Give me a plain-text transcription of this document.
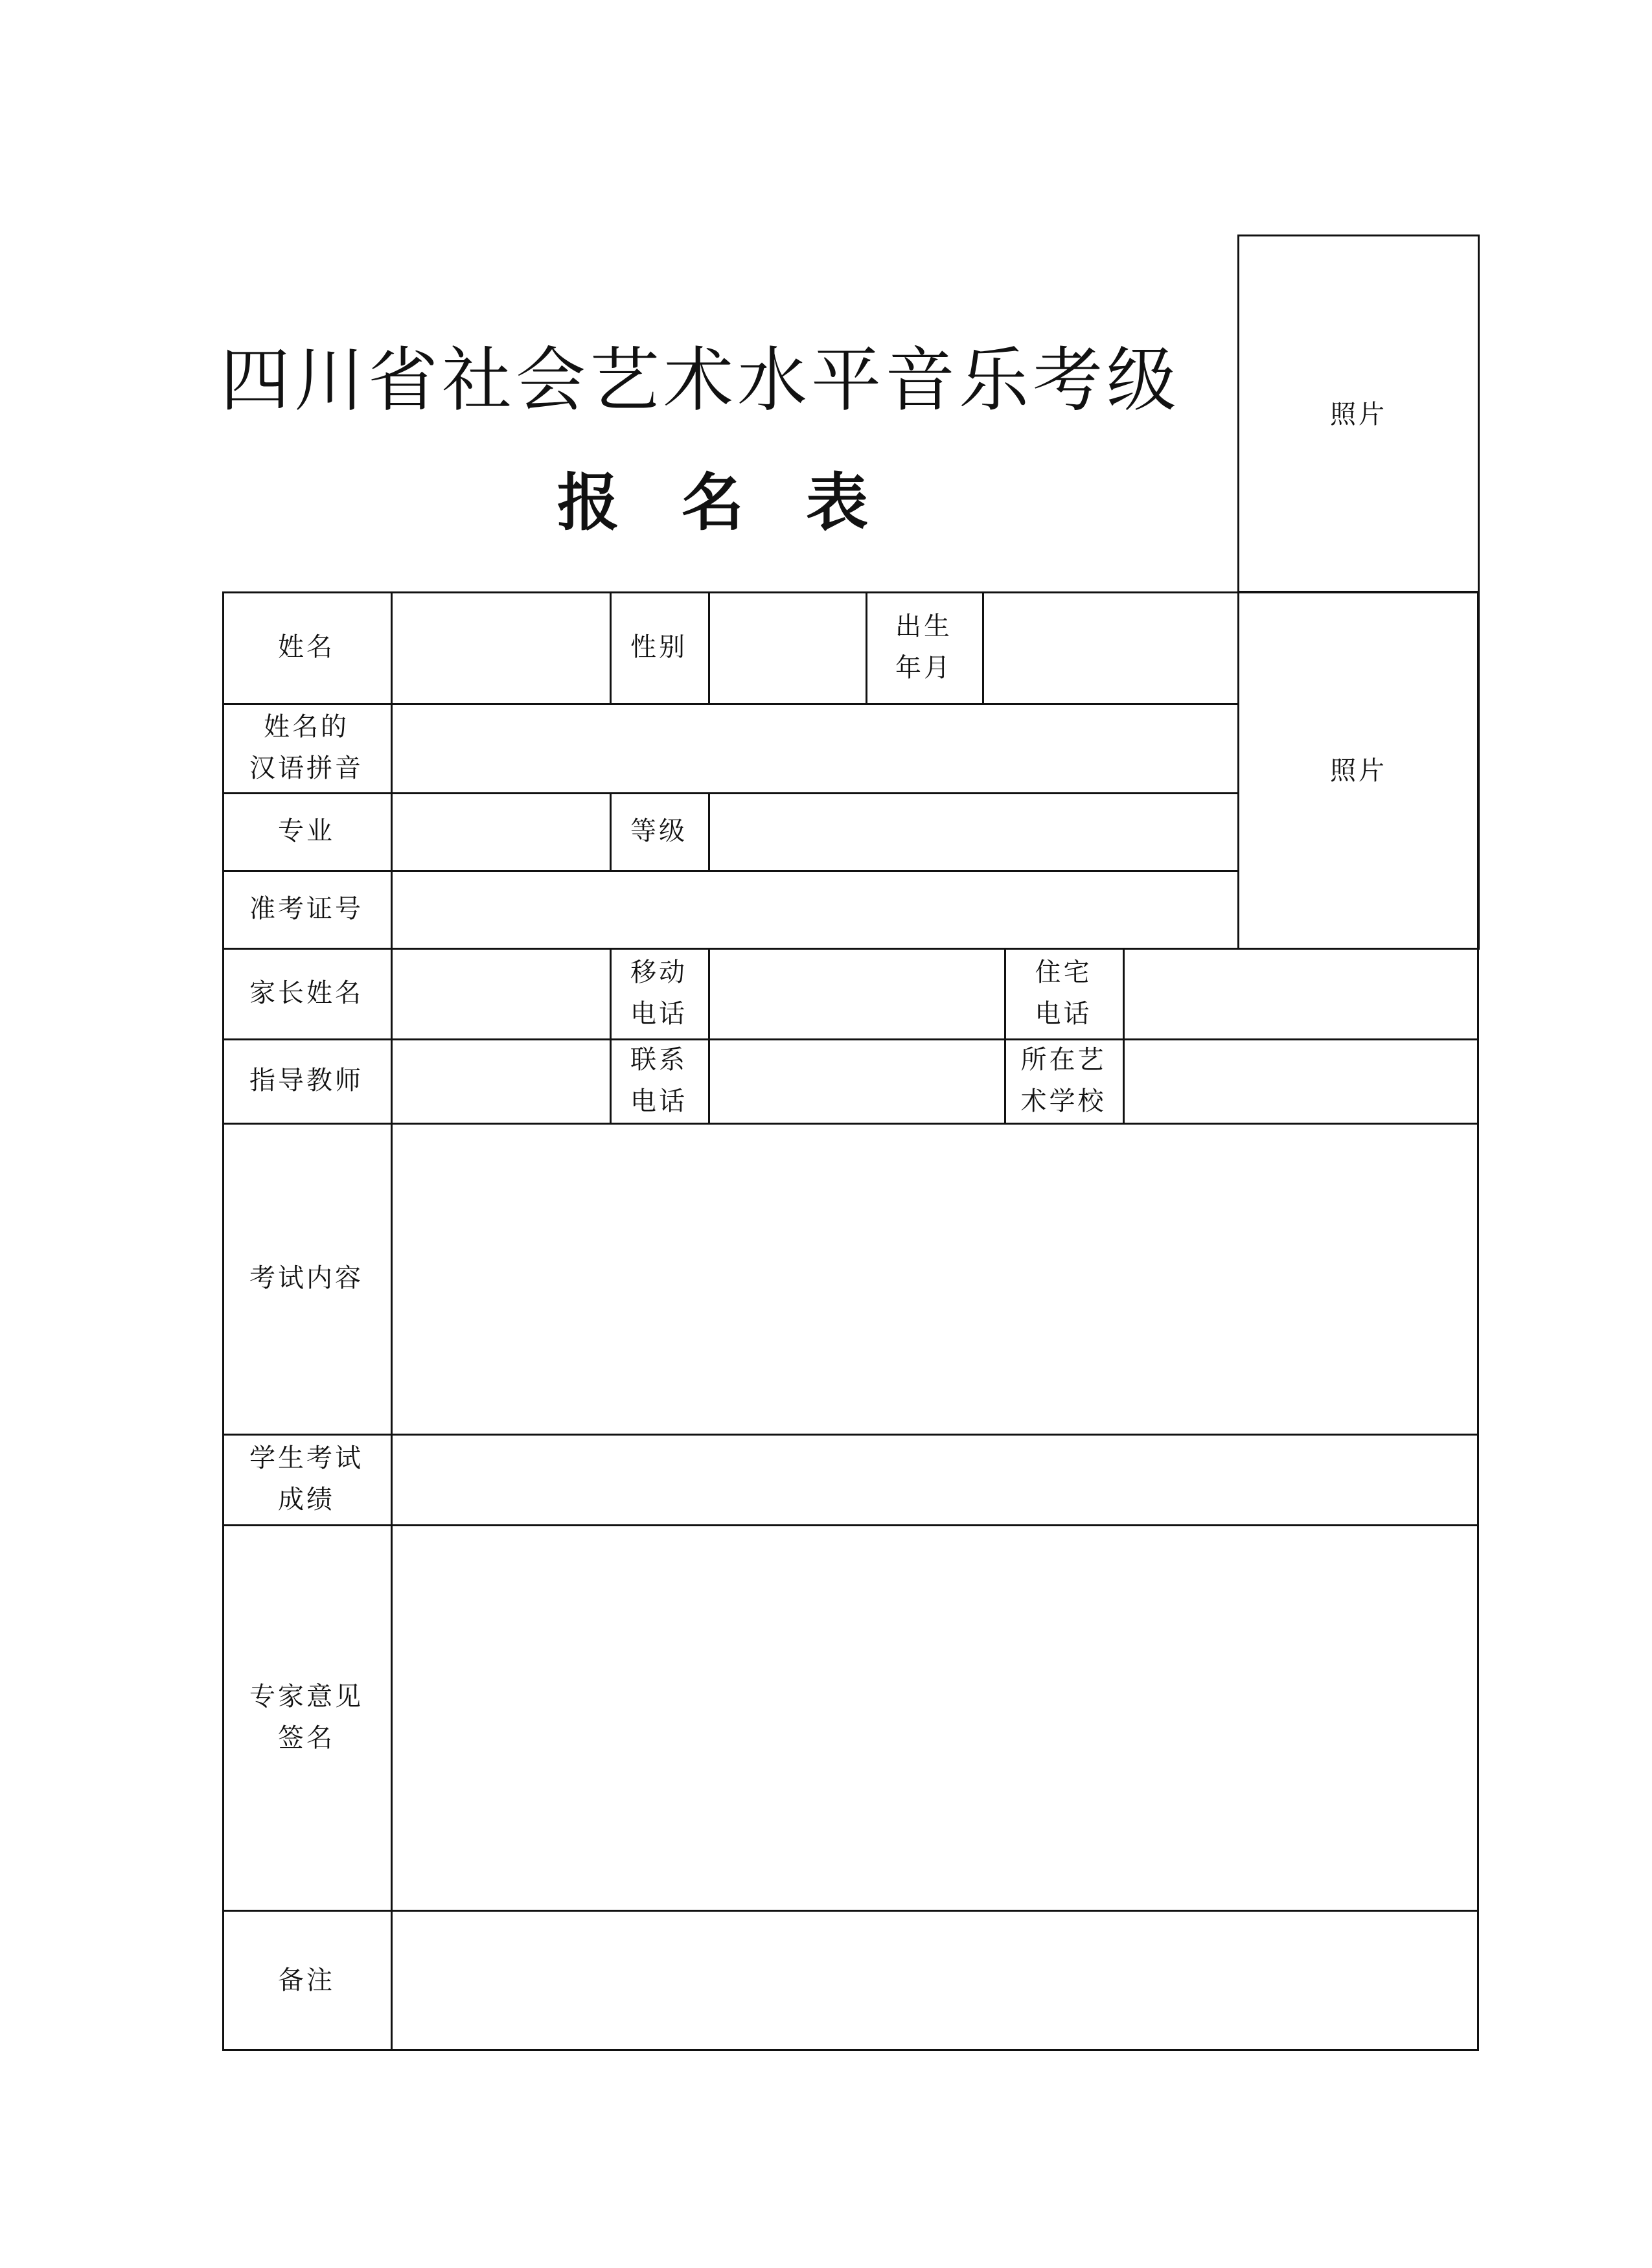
四川省社会艺术水平音乐考级
报名表
照片
照片
姓名	性别
出生
年月
姓名的
汉语拼音
专业	等级
准考证号
家长姓名
移动
电话
住宅
电话
指导教师
联系
电话
所在艺
术学校
考试内容
学生考试
成绩
专家意见
签名
备注
